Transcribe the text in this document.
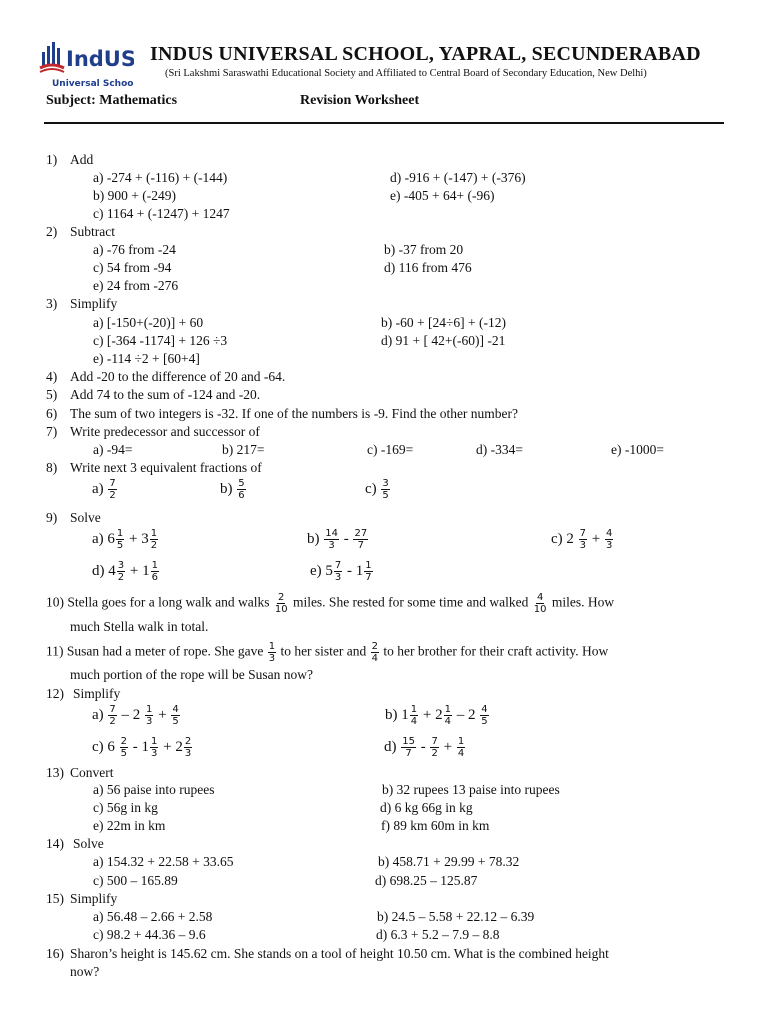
IndUS
Universal School
INDUS UNIVERSAL SCHOOL, YAPRAL, SECUNDERABAD
(Sri Lakshmi Saraswathi Educational Society and Affiliated to Central Board of Secondary Education, New Delhi)
Subject: Mathematics	Revision Worksheet
1) Add
a) -274 + (-116) + (-144)	d) -916 + (-147) + (-376)
b) 900 + (-249)	e) -405 + 64+ (-96)
c) 1164 + (-1247) + 1247
2) Subtract
a) -76 from -24	b) -37 from 20
c) 54 from -94	d) 116 from 476
e) 24 from -276
3) Simplify
a) [-150+(-20)] + 60	b) -60 + [24÷6] + (-12)
c) [-364 -1174] + 126 ÷3	d) 91 + [ 42+(-60)] -21
e) -114 ÷2 + [60+4]
4) Add -20 to the difference of 20 and -64.
5) Add 74 to the sum of -124 and -20.
6) The sum of two integers is -32. If one of the numbers is -9. Find the other number?
7) Write predecessor and successor of
a) -94=	b) 217=	c) -169=	d) -334=	e) -1000=
8) Write next 3 equivalent fractions of
$a) \frac{7}{2}$	$b) \frac{5}{6}$	$c) \frac{3}{5}$
9) Solve
a) $6 \frac{1}{5} + 3 \frac{1}{2}$	$b) \frac{14}{3} - \frac{27}{7}$	c) $2 \frac{7}{3} + \frac{4}{3}$
d) $4 \frac{3}{2} + 1 \frac{1}{6}$	e) $5 \frac{7}{3} - 1 \frac{1}{7}$
10) Stella goes for a long walk and walks $\frac{2}{10}$ miles. She rested for some time and walked $\frac{4}{10}$ miles. How
much Stella walk in total.
11) Susan had a meter of rope. She gave $\frac{1}{3}$ to her sister and $\frac{2}{4}$ to her brother for their craft activity. How
much portion of the rope will be Susan now?
12) Simplify
$a) \frac{7}{2} - 2 \frac{1}{3} + \frac{4}{5}$	b) $1 \frac{1}{4} + 2 \frac{1}{4} - 2 \frac{4}{5}$
c) $6 \frac{2}{5} - 1 \frac{1}{3} + 2 \frac{2}{3}$	$d) \frac{15}{7} - \frac{7}{2} + \frac{1}{4}$
13) Convert
a) 56 paise into rupees	b) 32 rupees 13 paise into rupees
c) 56g in kg	d) 6 kg 66g in kg
e) 22m in km	f) 89 km 60m in km
14) Solve
a) 154.32 + 22.58 + 33.65	b) 458.71 + 29.99 + 78.32
c) 500 – 165.89	d) 698.25 – 125.87
15) Simplify
a) 56.48 – 2.66 + 2.58	b) 24.5 – 5.58 + 22.12 – 6.39
c) 98.2 + 44.36 – 9.6	d) 6.3 + 5.2 – 7.9 – 8.8
16) Sharon’s height is 145.62 cm. She stands on a tool of height 10.50 cm. What is the combined height
now?
